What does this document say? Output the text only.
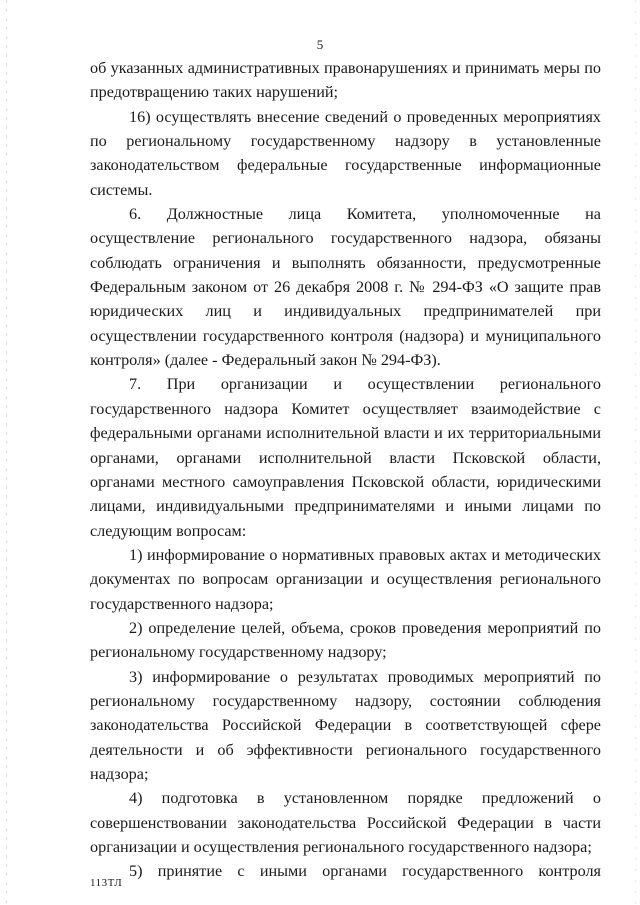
5

об указанных административных правонарушениях и принимать меры по предотвращению таких нарушений;

16) осуществлять внесение сведений о проведенных мероприятиях по региональному государственному надзору в установленные законодательством федеральные государственные информационные системы.

6. Должностные лица Комитета, уполномоченные на осуществление регионального государственного надзора, обязаны соблюдать ограничения и выполнять обязанности, предусмотренные Федеральным законом от 26 декабря 2008 г. № 294-ФЗ «О защите прав юридических лиц и индивидуальных предпринимателей при осуществлении государственного контроля (надзора) и муниципального контроля» (далее - Федеральный закон № 294-ФЗ).

7. При организации и осуществлении регионального государственного надзора Комитет осуществляет взаимодействие с федеральными органами исполнительной власти и их территориальными органами, органами исполнительной власти Псковской области, органами местного самоуправления Псковской области, юридическими лицами, индивидуальными предпринимателями и иными лицами по следующим вопросам:

1) информирование о нормативных правовых актах и методических документах по вопросам организации и осуществления регионального государственного надзора;

2) определение целей, объема, сроков проведения мероприятий по региональному государственному надзору;

3) информирование о результатах проводимых мероприятий по региональному государственному надзору, состоянии соблюдения законодательства Российской Федерации в соответствующей сфере деятельности и об эффективности регионального государственного надзора;

4) подготовка в установленном порядке предложений о совершенствовании законодательства Российской Федерации в части организации и осуществления регионального государственного надзора;

5) принятие с иными органами государственного контроля

113ТЛ
